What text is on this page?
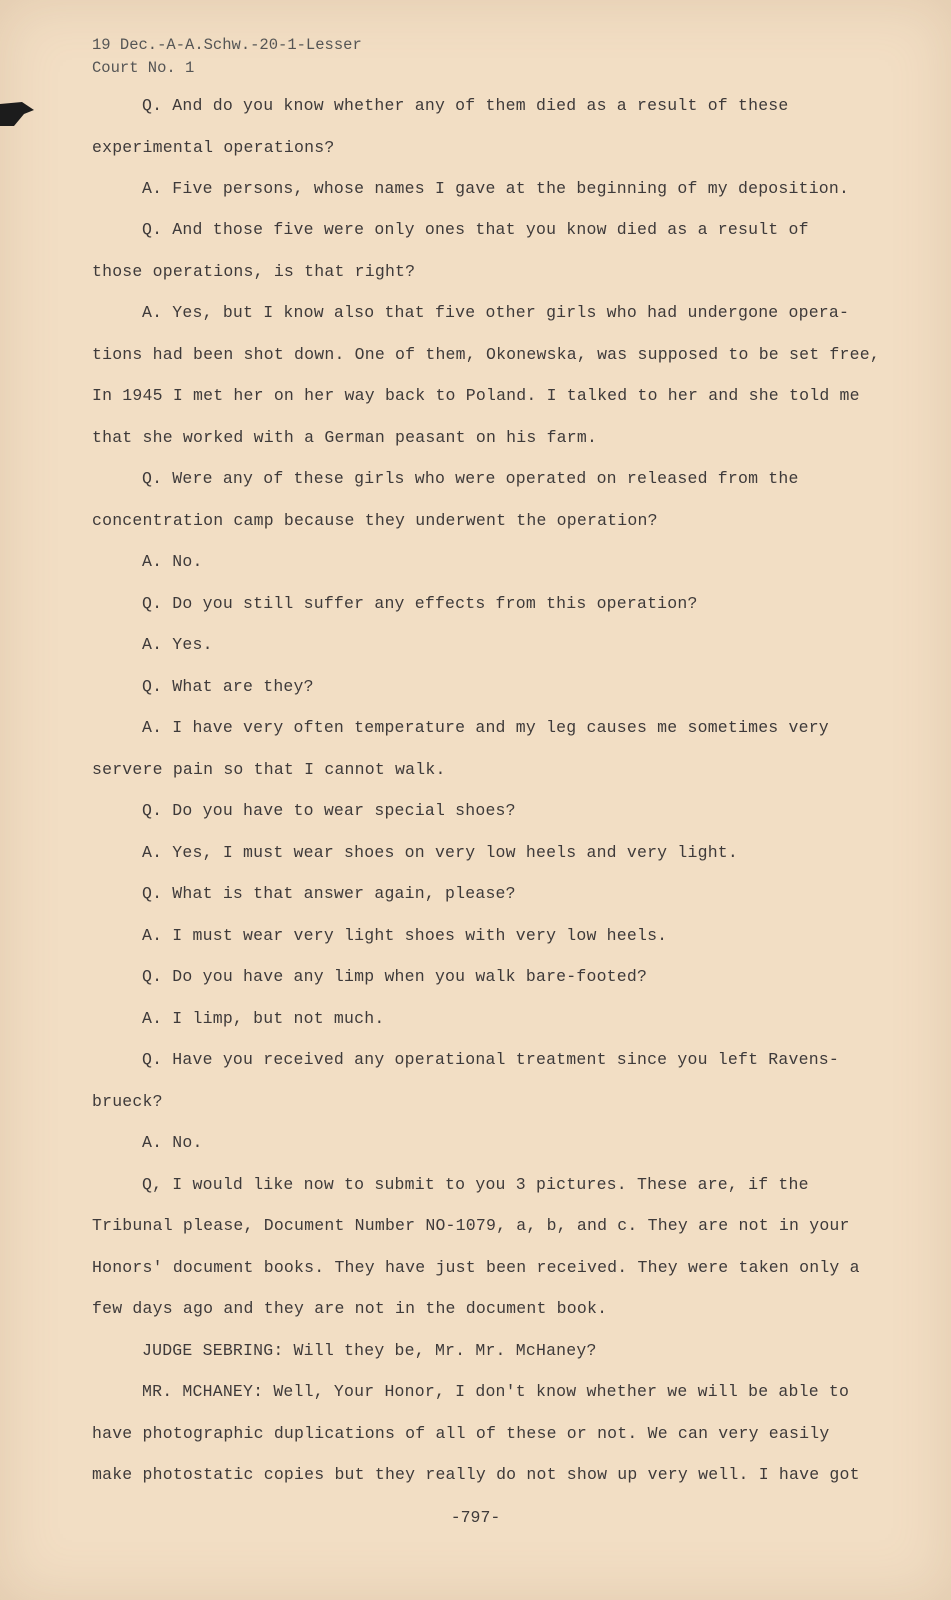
19 Dec.-A-A.Schw.-20-1-Lesser
Court No. 1
Q. And do you know whether any of them died as a result of these
experimental operations?
A. Five persons, whose names I gave at the beginning of my deposition.
Q. And those five were only ones that you know died as a result of
those operations, is that right?
A. Yes, but I know also that five other girls who had undergone opera-
tions had been shot down. One of them, Okonewska, was supposed to be set free,
In 1945 I met her on her way back to Poland. I talked to her and she told me
that she worked with a German peasant on his farm.
Q. Were any of these girls who were operated on released from the
concentration camp because they underwent the operation?
A. No.
Q. Do you still suffer any effects from this operation?
A. Yes.
Q. What are they?
A. I have very often temperature and my leg causes me sometimes very
servere pain so that I cannot walk.
Q. Do you have to wear special shoes?
A. Yes, I must wear shoes on very low heels and very light.
Q. What is that answer again, please?
A. I must wear very light shoes with very low heels.
Q. Do you have any limp when you walk bare-footed?
A. I limp, but not much.
Q. Have you received any operational treatment since you left Ravens-
brueck?
A. No.
Q, I would like now to submit to you 3 pictures. These are, if the
Tribunal please, Document Number NO-1079, a, b, and c. They are not in your
Honors' document books. They have just been received. They were taken only a
few days ago and they are not in the document book.
JUDGE SEBRING: Will they be, Mr. Mr. McHaney?
MR. MCHANEY: Well, Your Honor, I don't know whether we will be able to
have photographic duplications of all of these or not. We can very easily
make photostatic copies but they really do not show up very well. I have got
-797-
